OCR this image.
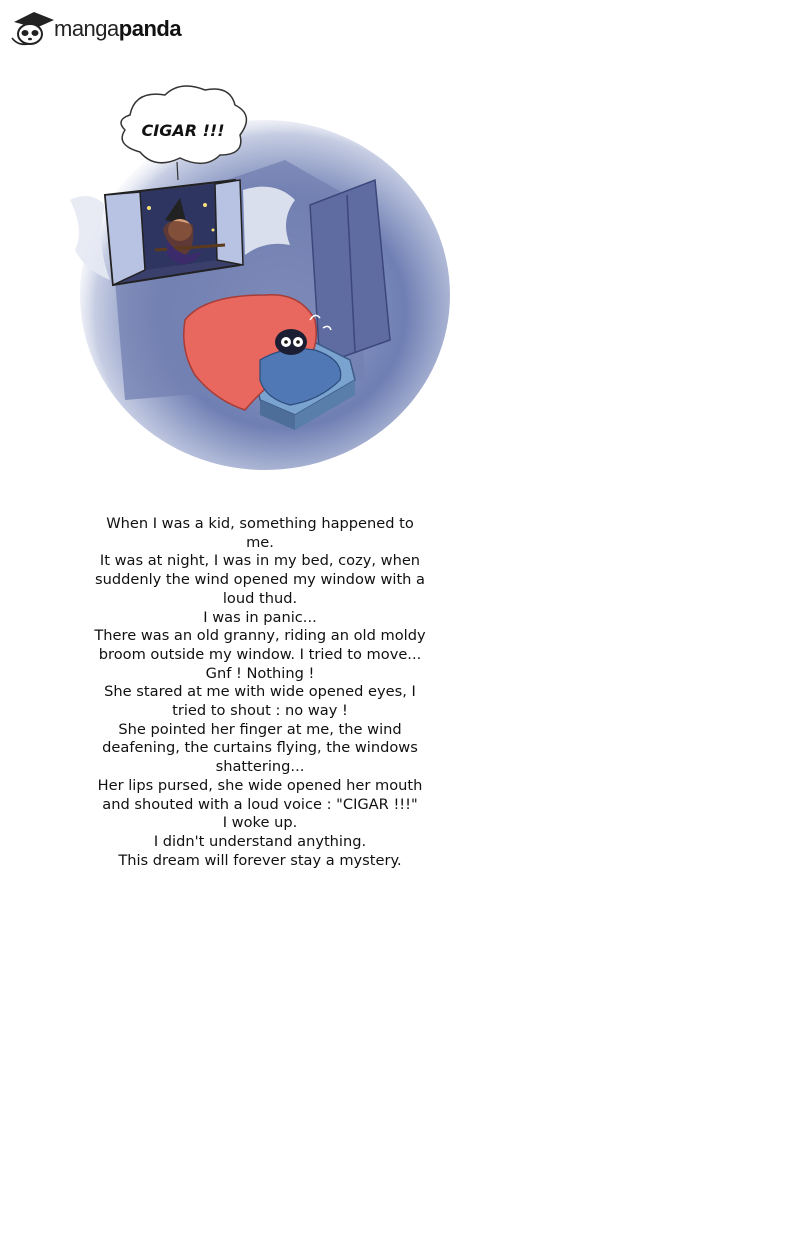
mangapanda
CIGAR !!!

When I was a kid, something happened to me.

It was at night, I was in my bed, cozy, when suddenly the wind opened my window with a loud thud.

I was in panic...

There was an old granny, riding an old moldy broom outside my window. I tried to move... Gnf ! Nothing !

She stared at me with wide opened eyes, I tried to shout : no way !

She pointed her finger at me, the wind deafening, the curtains flying, the windows shattering...

Her lips pursed, she wide opened her mouth and shouted with a loud voice : "CIGAR !!!"

I woke up.

I didn't understand anything.

This dream will forever stay a mystery.
